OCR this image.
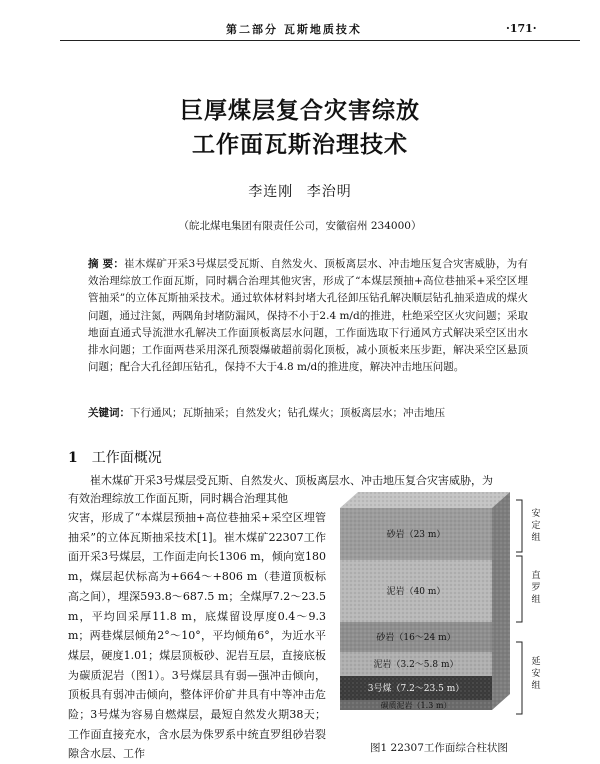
第二部分 瓦斯地质技术	·171·
巨厚煤层复合灾害综放
工作面瓦斯治理技术
李连刚 李治明
（皖北煤电集团有限责任公司，安徽宿州 234000）
摘 要：崔木煤矿开采3号煤层受瓦斯、自然发火、顶板离层水、冲击地压复合灾害威胁，为有效治理综放工作面瓦斯，同时耦合治理其他灾害，形成了“本煤层预抽+高位巷抽采+采空区埋管抽采”的立体瓦斯抽采技术。通过软体材料封堵大孔径卸压钻孔解决顺层钻孔抽采造成的煤火问题，通过注氮，两隅角封堵防漏风，保持不小于2.4 m/d的推进，杜绝采空区火灾问题；采取地面直通式导流泄水孔解决工作面顶板离层水问题，工作面选取下行通风方式解决采空区出水排水问题；工作面两巷采用深孔预裂爆破超前弱化顶板，减小顶板来压步距，解决采空区悬顶问题；配合大孔径卸压钻孔，保持不大于4.8 m/d的推进度，解决冲击地压问题。
关键词：下行通风；瓦斯抽采；自然发火；钻孔煤火；顶板离层水；冲击地压
1 工作面概况
崔木煤矿开采3号煤层受瓦斯、自然发火、顶板离层水、冲击地压复合灾害威胁，为
有效治理综放工作面瓦斯，同时耦合治理其他
灾害，形成了“本煤层预抽+高位巷抽采+采空区埋管抽采”的立体瓦斯抽采技术[1]。崔木煤矿22307工作面开采3号煤层，工作面走向长1306 m，倾向宽180 m，煤层起伏标高为+664～+806 m（巷道顶板标高之间），埋深593.8～687.5 m；全煤厚7.2～23.5 m，平均回采厚11.8 m，底煤留设厚度0.4～9.3 m；两巷煤层倾角2°～10°，平均倾角6°，为近水平煤层，硬度1.01；煤层顶板砂、泥岩互层，直接底板为碳质泥岩（图1）。3号煤层具有弱—强冲击倾向，顶板具有弱冲击倾向，整体评价矿井具有中等冲击危险；3号煤为容易自燃煤层，最短自然发火期38天；工作面直接充水，含水层为侏罗系中统直罗组砂岩裂隙含水层、工作
砂岩（23 m）
泥岩（40 m）
砂岩（16～24 m）
泥岩（3.2～5.8 m）
3号煤（7.2～23.5 m）
碳质泥岩（1.3 m）
安
定
组
直
罗
组
延
安
组
图1 22307工作面综合柱状图
